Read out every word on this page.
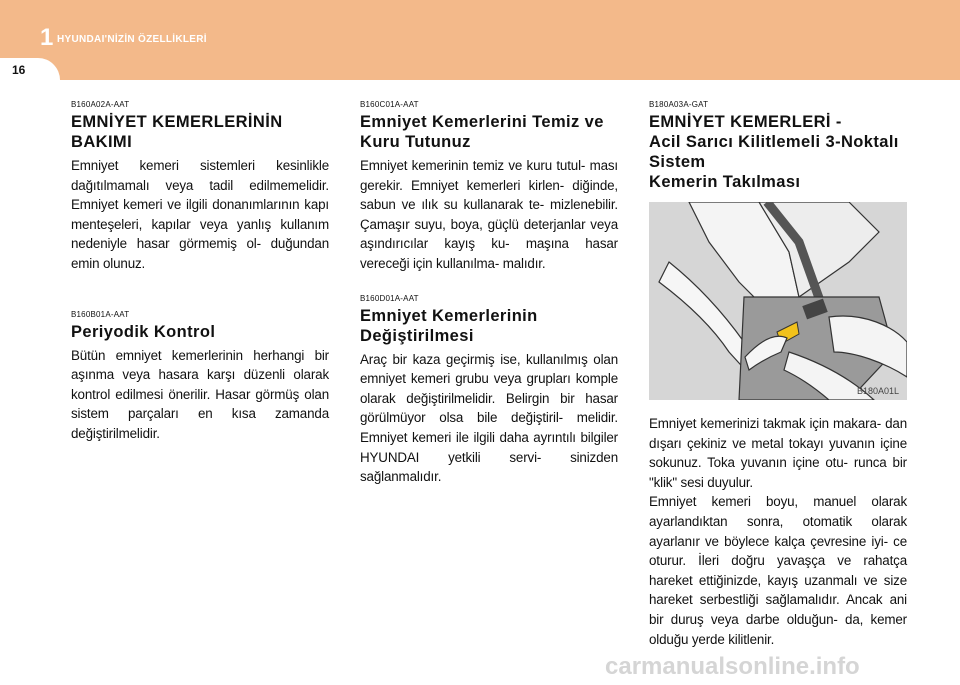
1 HYUNDAI'NİZİN ÖZELLİKLERİ
16
B160A02A-AAT
EMNİYET KEMERLERİNİN
BAKIMI

Emniyet kemeri sistemleri kesinlikle dağıtılmamalı veya tadil edilmemelidir. Emniyet kemeri ve ilgili donanımlarının kapı menteşeleri, kapılar veya yanlış kullanım nedeniyle hasar görmemiş ol- duğundan emin olunuz.

B160B01A-AAT
Periyodik Kontrol

Bütün emniyet kemerlerinin herhangi bir aşınma veya hasara karşı düzenli olarak kontrol edilmesi önerilir. Hasar görmüş olan sistem parçaları en kısa zamanda değiştirilmelidir.

B160C01A-AAT
Emniyet Kemerlerini Temiz ve
Kuru Tutunuz

Emniyet kemerinin temiz ve kuru tutul- ması gerekir. Emniyet kemerleri kirlen- diğinde, sabun ve ılık su kullanarak te- mizlenebilir. Çamaşır suyu, boya, güçlü deterjanlar veya aşındırıcılar kayış ku- maşına hasar vereceği için kullanılma- malıdır.

B160D01A-AAT
Emniyet Kemerlerinin
Değiştirilmesi

Araç bir kaza geçirmiş ise, kullanılmış olan emniyet kemeri grubu veya grupları komple olarak değiştirilmelidir. Belirgin bir hasar görülmüyor olsa bile değiştiril- melidir. Emniyet kemeri ile ilgili daha ayrıntılı bilgiler HYUNDAI yetkili servi- sinizden sağlanmalıdır.

B180A03A-GAT
EMNİYET KEMERLERİ -
Acil Sarıcı Kilitlemeli 3-Noktalı
Sistem
Kemerin Takılması
B180A01L

Emniyet kemerinizi takmak için makara- dan dışarı çekiniz ve metal tokayı yuvanın içine sokunuz. Toka yuvanın içine otu- runca bir "klik" sesi duyulur.

Emniyet kemeri boyu, manuel olarak ayarlandıktan sonra, otomatik olarak ayarlanır ve böylece kalça çevresine iyi- ce oturur. İleri doğru yavaşça ve rahatça hareket ettiğinizde, kayış uzanmalı ve size hareket serbestliği sağlamalıdır. Ancak ani bir duruş veya darbe olduğun- da, kemer olduğu yerde kilitlenir.

carmanualsonline.info
